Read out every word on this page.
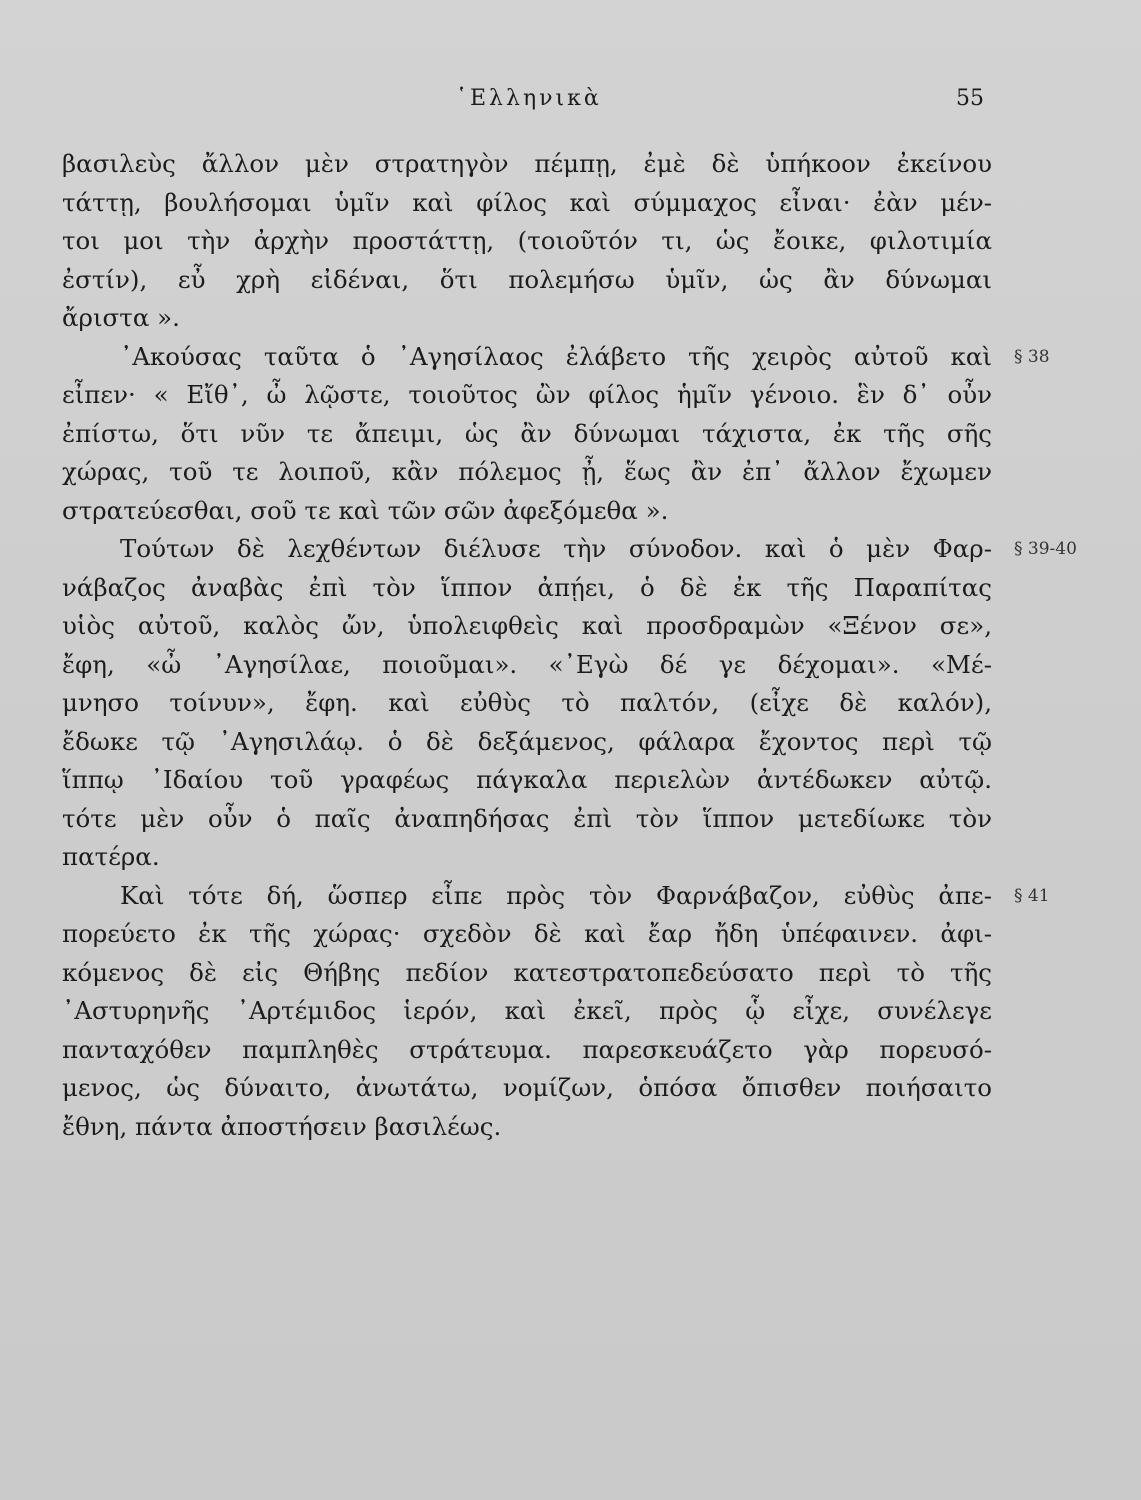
῾Ελληνικὰ	55
βασιλεὺς ἄλλον μὲν στρατηγὸν πέμπῃ, ἐμὲ δὲ ὑπήκοον ἐκείνου
τάττῃ, βουλήσομαι ὑμῖν καὶ φίλος καὶ σύμμαχος εἶναι· ἐὰν μέν-
τοι μοι τὴν ἀρχὴν προστάττῃ, (τοιοῦτόν τι, ὡς ἔοικε, φιλοτιμία
ἐστίν), εὖ χρὴ εἰδέναι, ὅτι πολεμήσω ὑμῖν, ὡς ἂν δύνωμαι
ἄριστα ».
᾿Ακούσας ταῦτα ὁ ᾿Αγησίλαος ἐλάβετο τῆς χειρὸς αὐτοῦ καὶ § 38
εἶπεν· « Εἴθ᾿, ὦ λῷστε, τοιοῦτος ὢν φίλος ἡμῖν γένοιο. ἓν δ᾿ οὖν
ἐπίστω, ὅτι νῦν τε ἄπειμι, ὡς ἂν δύνωμαι τάχιστα, ἐκ τῆς σῆς
χώρας, τοῦ τε λοιποῦ, κἂν πόλεμος ᾖ, ἕως ἂν ἐπ᾿ ἄλλον ἔχωμεν
στρατεύεσθαι, σοῦ τε καὶ τῶν σῶν ἀφεξόμεθα ».
Τούτων δὲ λεχθέντων διέλυσε τὴν σύνοδον. καὶ ὁ μὲν Φαρ- § 39-40
νάβαζος ἀναβὰς ἐπὶ τὸν ἵππον ἀπῄει, ὁ δὲ ἐκ τῆς Παραπίτας
υἱὸς αὐτοῦ, καλὸς ὤν, ὑπολειφθεὶς καὶ προσδραμὼν «Ξένον σε»,
ἔφη, «ὦ ᾿Αγησίλαε, ποιοῦμαι». «᾿Εγὼ δέ γε δέχομαι». «Μέ-
μνησο τοίνυν», ἔφη. καὶ εὐθὺς τὸ παλτόν, (εἶχε δὲ καλόν),
ἔδωκε τῷ ᾿Αγησιλάῳ. ὁ δὲ δεξάμενος, φάλαρα ἔχοντος περὶ τῷ
ἵππῳ ᾿Ιδαίου τοῦ γραφέως πάγκαλα περιελὼν ἀντέδωκεν αὐτῷ.
τότε μὲν οὖν ὁ παῖς ἀναπηδήσας ἐπὶ τὸν ἵππον μετεδίωκε τὸν
πατέρα.
Καὶ τότε δή, ὥσπερ εἶπε πρὸς τὸν Φαρνάβαζον, εὐθὺς ἀπε- § 41
πορεύετο ἐκ τῆς χώρας· σχεδὸν δὲ καὶ ἔαρ ἤδη ὑπέφαινεν. ἀφι-
κόμενος δὲ εἰς Θήβης πεδίον κατεστρατοπεδεύσατο περὶ τὸ τῆς
᾿Αστυρηνῆς ᾿Αρτέμιδος ἱερόν, καὶ ἐκεῖ, πρὸς ᾧ εἶχε, συνέλεγε
πανταχόθεν παμπληθὲς στράτευμα. παρεσκευάζετο γὰρ πορευσό-
μενος, ὡς δύναιτο, ἀνωτάτω, νομίζων, ὁπόσα ὄπισθεν ποιήσαιτο
ἔθνη, πάντα ἀποστήσειν βασιλέως.
